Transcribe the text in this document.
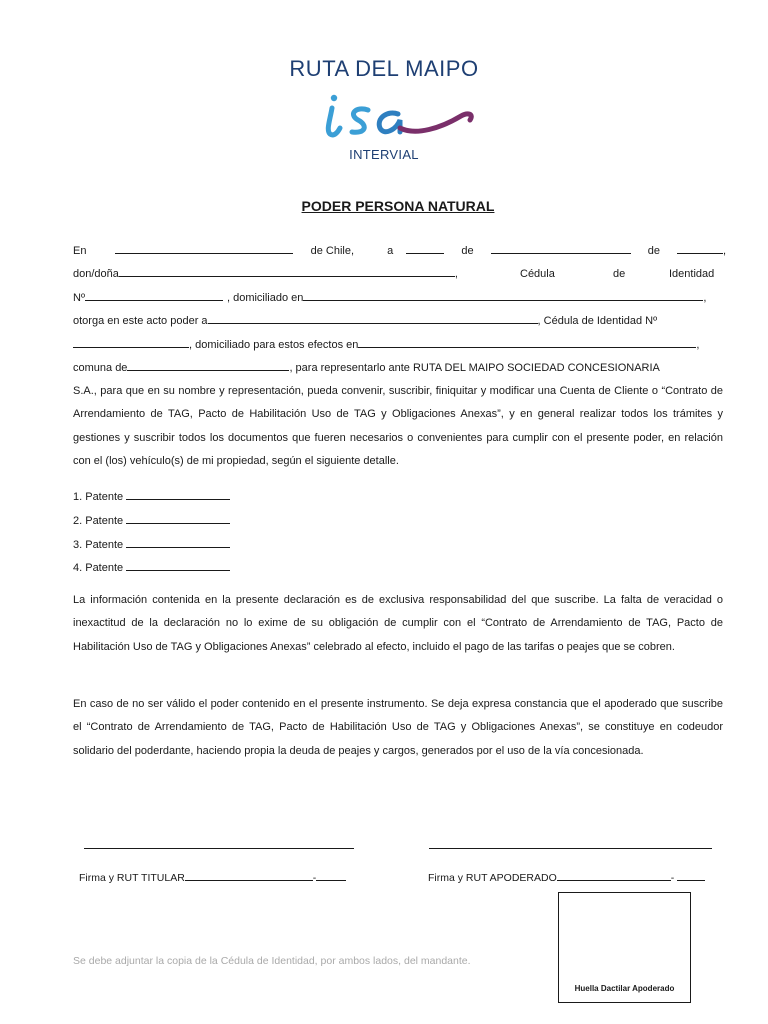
RUTA DEL MAIPO
INTERVIAL
PODER PERSONA NATURAL
En	de Chile,	a	de	de	,
don/doña	,	Cédula	de	Identidad
Nº	, domiciliado en	,
otorga en este acto poder a	, Cédula de Identidad Nº
, domiciliado para estos efectos en	,
comuna de	, para representarlo ante RUTA DEL MAIPO SOCIEDAD CONCESIONARIA
S.A., para que en su nombre y representación, pueda convenir, suscribir, finiquitar y modificar una Cuenta de Cliente o “Contrato de Arrendamiento de TAG, Pacto de Habilitación Uso de TAG y Obligaciones Anexas”, y en general realizar todos los trámites y gestiones y suscribir todos los documentos que fueren necesarios o convenientes para cumplir con el presente poder, en relación con el (los) vehículo(s) de mi propiedad, según el siguiente detalle.
1. Patente
2. Patente
3. Patente
4. Patente
La información contenida en la presente declaración es de exclusiva responsabilidad del que suscribe. La falta de veracidad o inexactitud de la declaración no lo exime de su obligación de cumplir con el “Contrato de Arrendamiento de TAG, Pacto de Habilitación Uso de TAG y Obligaciones Anexas” celebrado al efecto, incluido el pago de las tarifas o peajes que se cobren.
En caso de no ser válido el poder contenido en el presente instrumento. Se deja expresa constancia que el apoderado que suscribe el “Contrato de Arrendamiento de TAG, Pacto de Habilitación Uso de TAG y Obligaciones Anexas”, se constituye en codeudor solidario del poderdante, haciendo propia la deuda de peajes y cargos, generados por el uso de la vía concesionada.
Firma y RUT TITULAR	-	Firma y RUT APODERADO	-
Se debe adjuntar la copia de la Cédula de Identidad, por ambos lados, del mandante.
Huella Dactilar Apoderado
